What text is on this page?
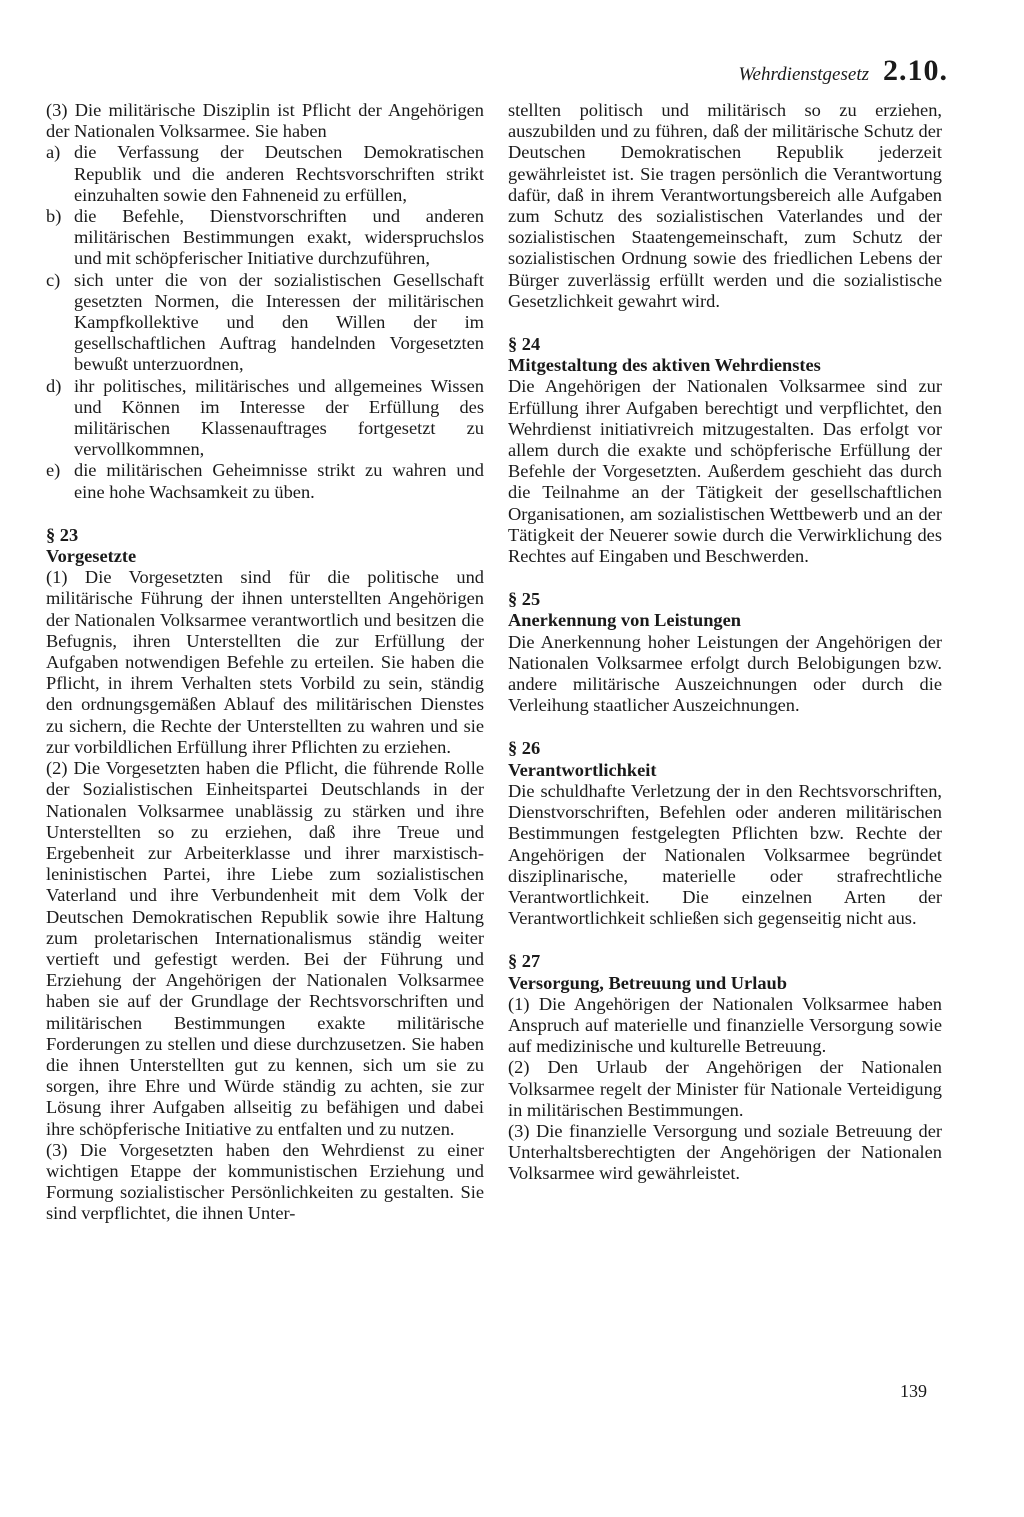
Wehrdienstgesetz 2.10.

(3) Die militärische Disziplin ist Pflicht der Angehörigen der Nationalen Volksarmee. Sie haben

a) die Verfassung der Deutschen Demokratischen Republik und die anderen Rechtsvorschriften strikt einzuhalten sowie den Fahneneid zu erfüllen,
b) die Befehle, Dienstvorschriften und anderen militärischen Bestimmungen exakt, widerspruchslos und mit schöpferischer Initiative durchzuführen,
c) sich unter die von der sozialistischen Gesellschaft gesetzten Normen, die Interessen der militärischen Kampfkollektive und den Willen der im gesellschaftlichen Auftrag handelnden Vorgesetzten bewußt unterzuordnen,
d) ihr politisches, militärisches und allgemeines Wissen und Können im Interesse der Erfüllung des militärischen Klassenauftrages fortgesetzt zu vervollkommnen,
e) die militärischen Geheimnisse strikt zu wahren und eine hohe Wachsamkeit zu üben.

§ 23

Vorgesetzte

(1) Die Vorgesetzten sind für die politische und militärische Führung der ihnen unterstellten Angehörigen der Nationalen Volksarmee verantwortlich und besitzen die Befugnis, ihren Unterstellten die zur Erfüllung der Aufgaben notwendigen Befehle zu erteilen. Sie haben die Pflicht, in ihrem Verhalten stets Vorbild zu sein, ständig den ordnungsgemäßen Ablauf des militärischen Dienstes zu sichern, die Rechte der Unterstellten zu wahren und sie zur vorbildlichen Erfüllung ihrer Pflichten zu erziehen.

(2) Die Vorgesetzten haben die Pflicht, die führende Rolle der Sozialistischen Einheitspartei Deutschlands in der Nationalen Volksarmee unablässig zu stärken und ihre Unterstellten so zu erziehen, daß ihre Treue und Ergebenheit zur Arbeiterklasse und ihrer marxistisch-leninistischen Partei, ihre Liebe zum sozialistischen Vaterland und ihre Verbundenheit mit dem Volk der Deutschen Demokratischen Republik sowie ihre Haltung zum proletarischen Internationalismus ständig weiter vertieft und gefestigt werden. Bei der Führung und Erziehung der Angehörigen der Nationalen Volksarmee haben sie auf der Grundlage der Rechtsvorschriften und militärischen Bestimmungen exakte militärische Forderungen zu stellen und diese durchzusetzen. Sie haben die ihnen Unterstellten gut zu kennen, sich um sie zu sorgen, ihre Ehre und Würde ständig zu achten, sie zur Lösung ihrer Aufgaben allseitig zu befähigen und dabei ihre schöpferische Initiative zu entfalten und zu nutzen.

(3) Die Vorgesetzten haben den Wehrdienst zu einer wichtigen Etappe der kommunistischen Erziehung und Formung sozialistischer Persönlichkeiten zu gestalten. Sie sind verpflichtet, die ihnen Unter-

stellten politisch und militärisch so zu erziehen, auszubilden und zu führen, daß der militärische Schutz der Deutschen Demokratischen Republik jederzeit gewährleistet ist. Sie tragen persönlich die Verantwortung dafür, daß in ihrem Verantwortungsbereich alle Aufgaben zum Schutz des sozialistischen Vaterlandes und der sozialistischen Staatengemeinschaft, zum Schutz der sozialistischen Ordnung sowie des friedlichen Lebens der Bürger zuverlässig erfüllt werden und die sozialistische Gesetzlichkeit gewahrt wird.

§ 24

Mitgestaltung des aktiven Wehrdienstes

Die Angehörigen der Nationalen Volksarmee sind zur Erfüllung ihrer Aufgaben berechtigt und verpflichtet, den Wehrdienst initiativreich mitzugestalten. Das erfolgt vor allem durch die exakte und schöpferische Erfüllung der Befehle der Vorgesetzten. Außerdem geschieht das durch die Teilnahme an der Tätigkeit der gesellschaftlichen Organisationen, am sozialistischen Wettbewerb und an der Tätigkeit der Neuerer sowie durch die Verwirklichung des Rechtes auf Eingaben und Beschwerden.

§ 25

Anerkennung von Leistungen

Die Anerkennung hoher Leistungen der Angehörigen der Nationalen Volksarmee erfolgt durch Belobigungen bzw. andere militärische Auszeichnungen oder durch die Verleihung staatlicher Auszeichnungen.

§ 26

Verantwortlichkeit

Die schuldhafte Verletzung der in den Rechtsvorschriften, Dienstvorschriften, Befehlen oder anderen militärischen Bestimmungen festgelegten Pflichten bzw. Rechte der Angehörigen der Nationalen Volksarmee begründet disziplinarische, materielle oder strafrechtliche Verantwortlichkeit. Die einzelnen Arten der Verantwortlichkeit schließen sich gegenseitig nicht aus.

§ 27

Versorgung, Betreuung und Urlaub

(1) Die Angehörigen der Nationalen Volksarmee haben Anspruch auf materielle und finanzielle Versorgung sowie auf medizinische und kulturelle Betreuung.

(2) Den Urlaub der Angehörigen der Nationalen Volksarmee regelt der Minister für Nationale Verteidigung in militärischen Bestimmungen.

(3) Die finanzielle Versorgung und soziale Betreuung der Unterhaltsberechtigten der Angehörigen der Nationalen Volksarmee wird gewährleistet.

139
